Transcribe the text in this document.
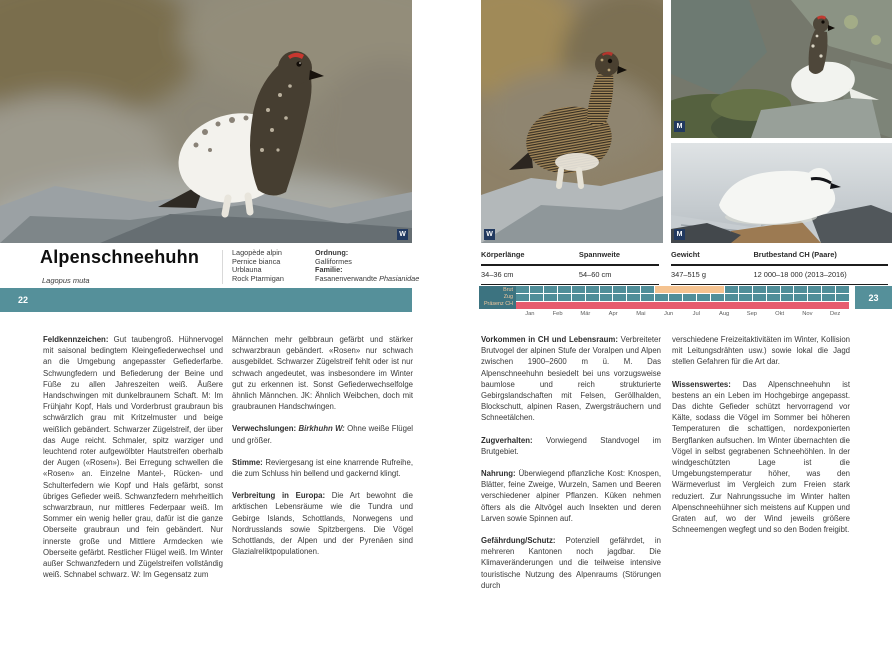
W
Alpenschneehuhn
Lagopus muta
Lagopède alpin
Pernice bianca
Urblauna
Rock Ptarmigan
Ordnung:
Galliformes
Familie:
Fasanenverwandte Phasianidae
22

Feldkennzeichen: Gut taubengroß. Hühnervogel mit saisonal bedingtem Kleingefiederwechsel und an die Umgebung angepasster Gefiederfarbe. Schwungfedern und Befiederung der Beine und Füße zu allen Jahreszeiten weiß. Äußere Handschwingen mit dunkelbraunem Schaft. M: Im Frühjahr Kopf, Hals und Vorderbrust graubraun bis schwärzlich grau mit Kritzelmuster und beige weißlich gebändert. Schwarzer Zügelstreif, der über das Auge reicht. Schmaler, spitz warziger und leuchtend roter aufgewölbter Hautstreifen oberhalb der Augen («Rosen»). Bei Erregung schwellen die «Rosen» an. Einzelne Mantel-, Rücken- und Schulterfedern wie Kopf und Hals gefärbt, sonst übriges Gefieder weiß. Schwanzfedern mehrheitlich schwarzbraun, nur mittleres Federpaar weiß. Im Sommer ein wenig heller grau, dafür ist die ganze Oberseite graubraun und fein gebändert. Nur innerste große und Mittlere Armdecken wie Oberseite gefärbt. Restlicher Flügel weiß. Im Winter außer Schwanzfedern und Zügelstreifen vollständig weiß. Schnabel schwarz. W: Im Gegensatz zum

Männchen mehr gelbbraun gefärbt und stärker schwarzbraun gebändert. «Rosen» nur schwach ausgebildet. Schwarzer Zügelstreif fehlt oder ist nur schwach angedeutet, was insbesondere im Winter gut zu erkennen ist. Sonst Gefiederwechselfolge ähnlich Männchen. JK: Ähnlich Weibchen, doch mit graubraunen Handschwingen.

Verwechslungen: Birkhuhn W: Ohne weiße Flügel und größer.

Stimme: Reviergesang ist eine knarrende Rufreihe, die zum Schluss hin bellend und gackernd klingt.

Verbreitung in Europa: Die Art bewohnt die arktischen Lebensräume wie die Tundra und Gebirge Islands, Schottlands, Norwegens und Nordrusslands sowie Spitzbergens. Die Vögel Schottlands, der Alpen und der Pyrenäen sind Glazialreliktpopulationen.

W
M
M
Körperlänge	Spannweite
34–36 cm	54–60 cm
Gewicht	Brutbestand CH (Paare)
347–515 g	12 000–18 000 (2013–2016)
Brut
Zug
Präsenz CH
Jan	Feb	Mär	Apr	Mai	Jun	Jul	Aug	Sep	Okt	Nov	Dez
23

Vorkommen in CH und Lebensraum: Verbreiteter Brutvogel der alpinen Stufe der Voralpen und Alpen zwischen 1900–2600 m ü. M. Das Alpenschneehuhn besiedelt bei uns vorzugsweise baumlose und reich strukturierte Gebirgslandschaften mit Felsen, Geröllhalden, Blockschutt, alpinen Rasen, Zwergsträuchern und Schneetälchen.

Zugverhalten: Vorwiegend Standvogel im Brutgebiet.

Nahrung: Überwiegend pflanzliche Kost: Knospen, Blätter, feine Zweige, Wurzeln, Samen und Beeren verschiedener alpiner Pflanzen. Küken nehmen öfters als die Altvögel auch Insekten und deren Larven sowie Spinnen auf.

Gefährdung/Schutz: Potenziell gefährdet, in mehreren Kantonen noch jagdbar. Die Klimaveränderungen und die teilweise intensive touristische Nutzung des Alpenraums (Störungen durch

verschiedene Freizeitaktivitäten im Winter, Kollision mit Leitungsdrähten usw.) sowie lokal die Jagd stellen Gefahren für die Art dar.

Wissenswertes: Das Alpenschneehuhn ist bestens an ein Leben im Hochgebirge angepasst. Das dichte Gefieder schützt hervorragend vor Kälte, sodass die Vögel im Sommer bei höheren Temperaturen die schattigen, nordexponierten Bergflanken aufsuchen. Im Winter übernachten die Vögel in selbst gegrabenen Schneehöhlen. In der windgeschützten Lage ist die Umgebungstemperatur höher, was den Wärmeverlust im Vergleich zum Freien stark reduziert. Zur Nahrungssuche im Winter halten Alpenschneehühner sich meistens auf Kuppen und Graten auf, wo der Wind jeweils größere Schneemengen wegfegt und so den Boden freigibt.
